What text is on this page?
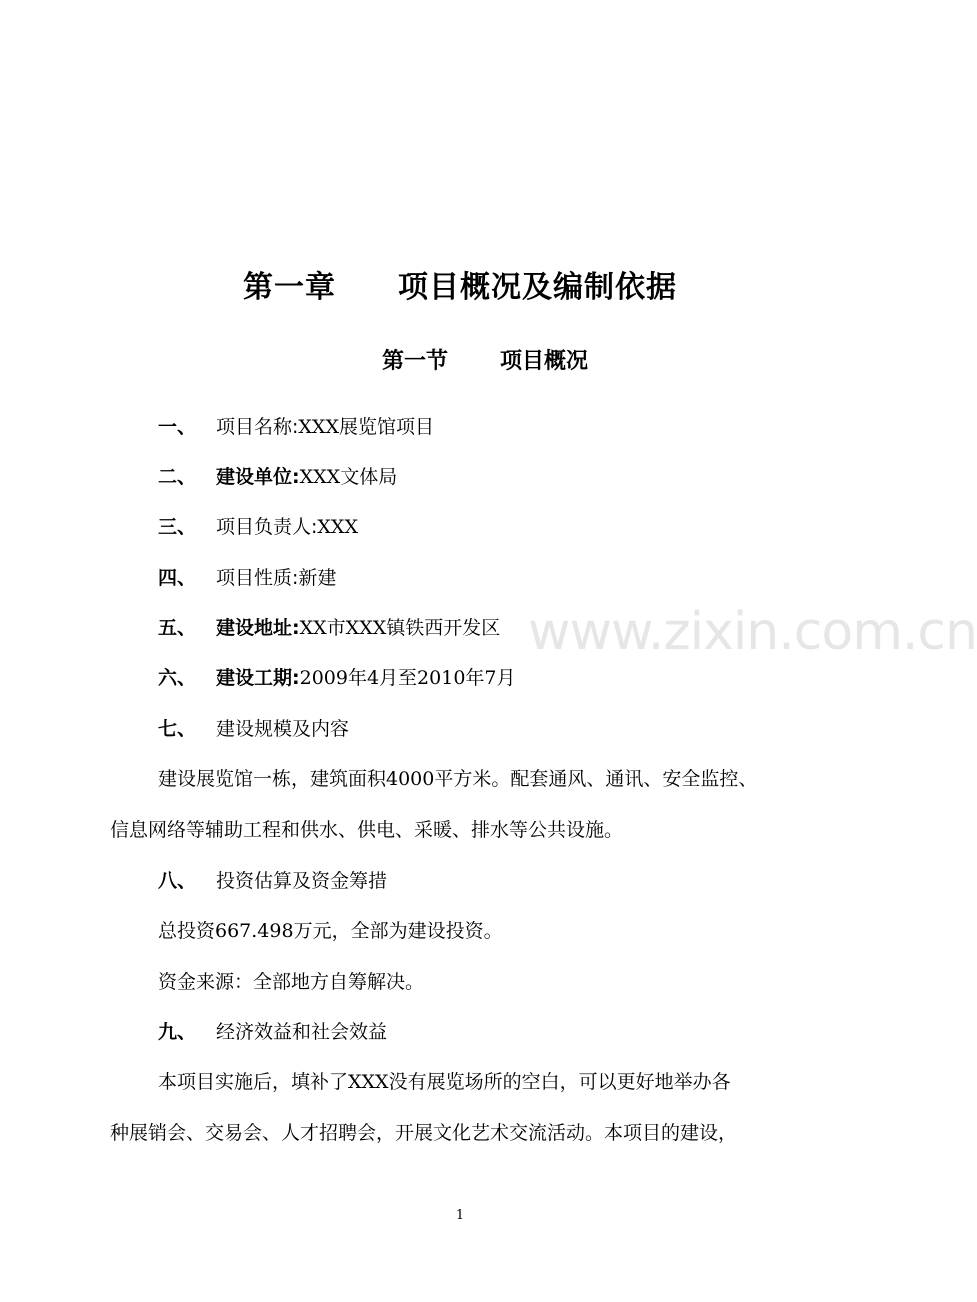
www.zixin.com.cn
第一章 项目概况及编制依据
第一节 项目概况
一、 项目名称:XXX展览馆项目
二、 建设单位:XXX文体局
三、 项目负责人:XXX
四、 项目性质:新建
五、 建设地址:XX市XXX镇铁西开发区
六、 建设工期:2009年4月至2010年7月
七、 建设规模及内容
建设展览馆一栋，建筑面积4000平方米。配套通风、通讯、安全监控、
信息网络等辅助工程和供水、供电、采暖、排水等公共设施。
八、 投资估算及资金筹措
总投资667.498万元，全部为建设投资。
资金来源：全部地方自筹解决。
九、 经济效益和社会效益
本项目实施后，填补了XXX没有展览场所的空白，可以更好地举办各
种展销会、交易会、人才招聘会，开展文化艺术交流活动。本项目的建设，
1
